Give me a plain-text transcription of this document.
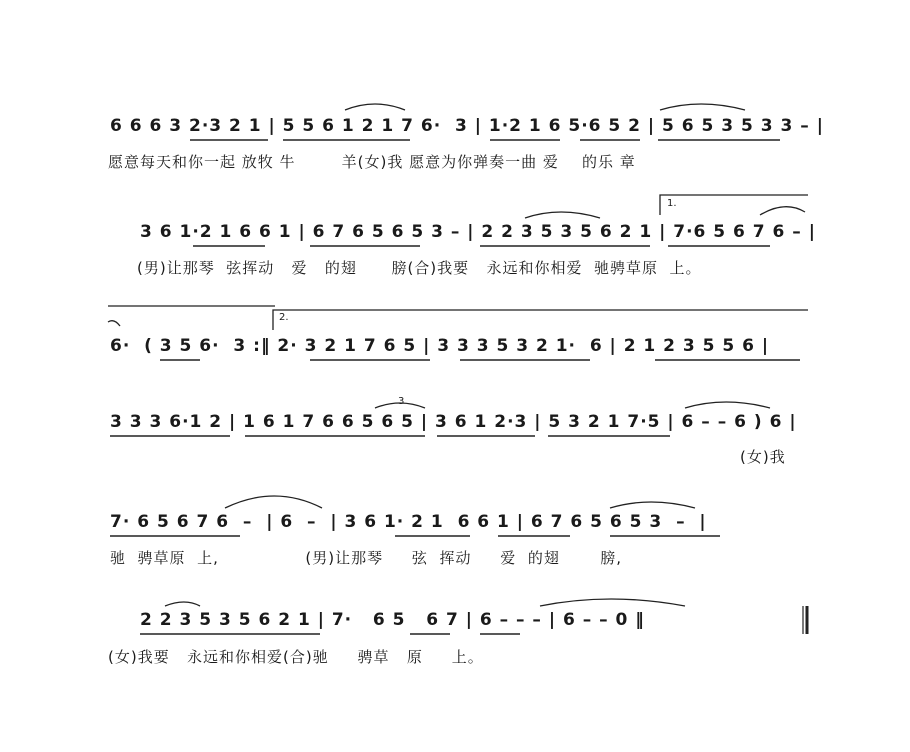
6 6 6 3 2·3 2 1 | 5 5 6 1 2 1 7 6·  3 | 1·2 1 6 5·6 5 2 | 5 6 5 3 5 3 3 – |
愿意每天和你一起 放牧 牛        羊(女)我 愿意为你弹奏一曲 爱    的乐 章
3 6 1·2 1 6 6 1 | 6 7 6 5 6 5 3 – | 2 2 3 5 3 5 6 2 1 | 7·6 5 6 7 6 – |
(男)让那琴  弦挥动   爱   的翅      膀(合)我要   永远和你相爱  驰骋草原  上。
1.
6·  ( 3 5 6·  3 :‖ 2· 3 2 1 7 6 5 | 3 3 3 5 3 2 1·  6 | 2 1 2 3 5 5 6 |
2.
3 3 3 6·1 2 | 1 6 1 7 6 6 5 6 5 | 3 6 1 2·3 | 5 3 2 1 7·5 | 6 – – 6 ) 6 |
(女)我
3
7· 6 5 6 7 6  –  | 6  –  | 3 6 1· 2 1  6 6 1 | 6 7 6 5 6 5 3  –  |
驰  骋草原  上,               (男)让那琴     弦  挥动     爱  的翅       膀,
2 2 3 5 3 5 6 2 1 | 7·   6 5   6 7 | 6 – – – | 6 – – 0 ‖
(女)我要   永远和你相爱(合)驰     骋草   原     上。
